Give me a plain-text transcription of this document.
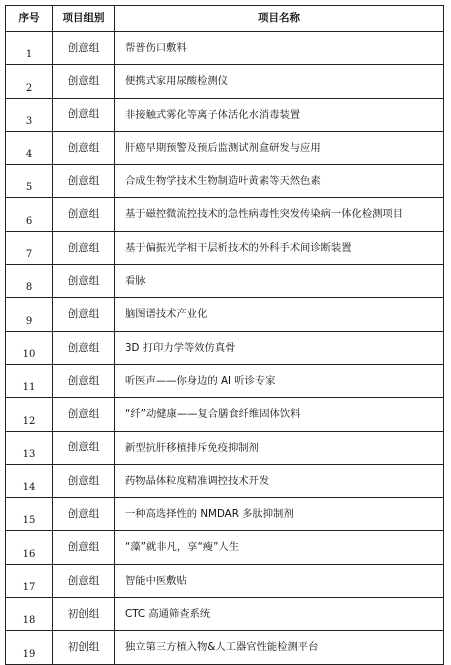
序号	项目组别	项目名称
1	创意组	帮普伤口敷料
2	创意组	便携式家用尿酸检测仪
3	创意组	非接触式雾化等离子体活化水消毒装置
4	创意组	肝癌早期预警及预后监测试剂盒研发与应用
5	创意组	合成生物学技术生物制造叶黄素等天然色素
6	创意组	基于磁控微流控技术的急性病毒性突发传染病一体化检测项目
7	创意组	基于偏振光学相干层析技术的外科手术间诊断装置
8	创意组	看脉
9	创意组	脑图谱技术产业化
10	创意组	3D 打印力学等效仿真骨
11	创意组	听医声——你身边的 AI 听诊专家
12	创意组	“纤”动健康——复合膳食纤维固体饮料
13	创意组	新型抗肝移植排斥免疫抑制剂
14	创意组	药物晶体粒度精准调控技术开发
15	创意组	一种高选择性的 NMDAR 多肽抑制剂
16	创意组	“藻”就非凡，享“瘦”人生
17	创意组	智能中医敷贴
18	初创组	CTC 高通筛查系统
19	初创组	独立第三方植入物&人工器官性能检测平台
